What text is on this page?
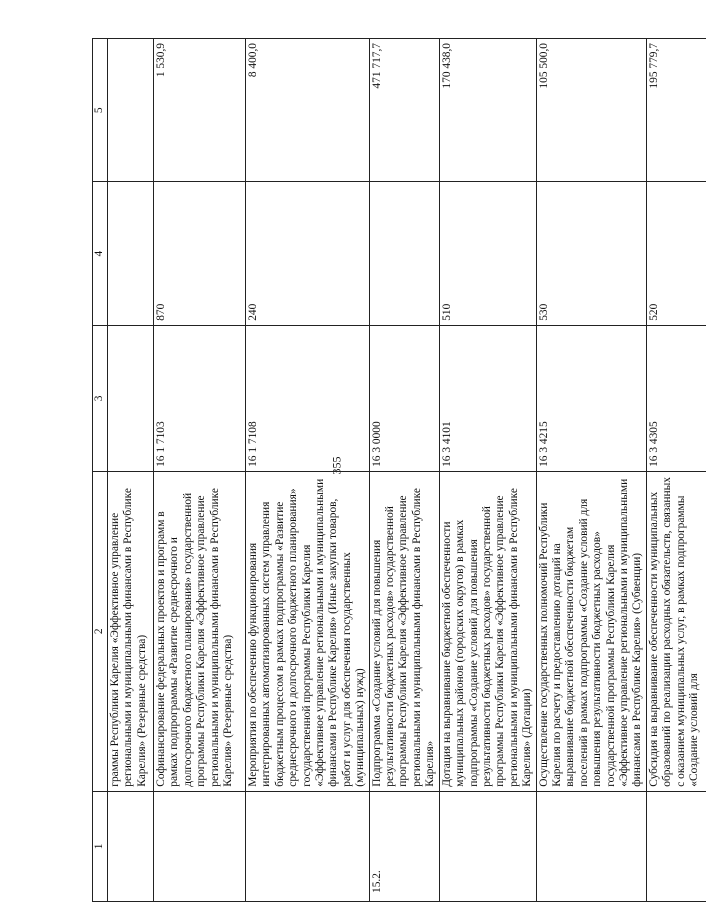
355
1	2	3	4	5
	граммы Республики Карелия «Эффективное управление региональными и муниципальными финансами в Республике Карелия» (Резервные средства)			
	Софинансирование федеральных проектов и программ в рамках подпрограммы «Развитие среднесрочного и долгосрочного бюджетного планирования» государственной программы Республики Карелия «Эффективное управление региональными и муниципальными финансами в Республике Карелия» (Резервные средства)	16 1 7103	870	1 530,9
	Мероприятия по обеспечению функционирования интегрированных автоматизированных систем управления бюджетным процессом в рамках подпрограммы «Развитие среднесрочного и долгосрочного бюджетного планирования» государственной программы Республики Карелия «Эффективное управление региональными и муниципальными финансами в Республике Карелия» (Иные закупки товаров, работ и услуг для обеспечения государственных (муниципальных) нужд)	16 1 7108	240	8 400,0
15.2.	Подпрограмма «Создание условий для повышения результативности бюджетных расходов» государственной программы Республики Карелия «Эффективное управление региональными и муниципальными финансами в Республике Карелия»	16 3 0000		471 717,7
	Дотация на выравнивание бюджетной обеспеченности муниципальных районов (городских округов) в рамках подпрограммы «Создание условий для повышения результативности бюджетных расходов» государственной программы Республики Карелия «Эффективное управление региональными и муниципальными финансами в Республике Карелия» (Дотации)	16 3 4101	510	170 438,0
	Осуществление государственных полномочий Республики Карелия по расчету и предоставлению дотаций на выравнивание бюджетной обеспеченности бюджетам поселений в рамках подпрограммы «Создание условий для повышения результативности бюджетных расходов» государственной программы Республики Карелия «Эффективное управление региональными и муниципальными финансами в Республике Карелия» (Субвенции)	16 3 4215	530	105 500,0
	Субсидия на выравнивание обеспеченности муниципальных образований по реализации расходных обязательств, связанных с оказанием муниципальных услуг, в рамках подпрограммы «Создание условий для	16 3 4305	520	195 779,7
